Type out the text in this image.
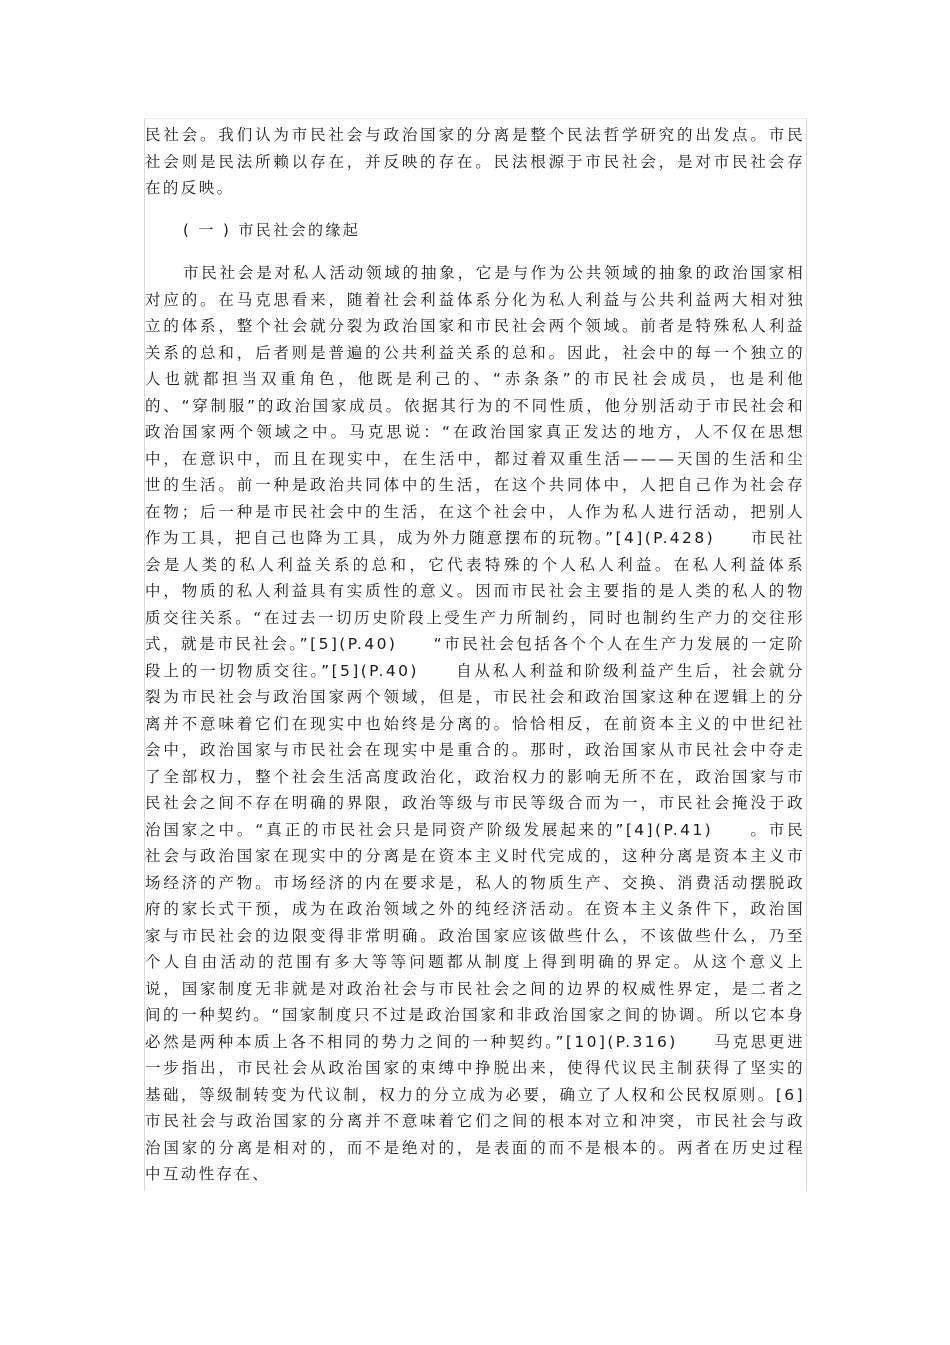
民社会。我们认为市民社会与政治国家的分离是整个民法哲学研究的出发点。市民社会则是民法所赖以存在，并反映的存在。民法根源于市民社会，是对市民社会存在的反映。

( 一 ) 市民社会的缘起

市民社会是对私人活动领域的抽象，它是与作为公共领域的抽象的政治国家相对应的。在马克思看来，随着社会利益体系分化为私人利益与公共利益两大相对独立的体系，整个社会就分裂为政治国家和市民社会两个领域。前者是特殊私人利益关系的总和，后者则是普遍的公共利益关系的总和。因此，社会中的每一个独立的人也就都担当双重角色，他既是利己的、“赤条条”的市民社会成员，也是利他的、“穿制服”的政治国家成员。依据其行为的不同性质，他分别活动于市民社会和政治国家两个领域之中。马克思说：“在政治国家真正发达的地方，人不仅在思想中，在意识中，而且在现实中，在生活中，都过着双重生活———天国的生活和尘世的生活。前一种是政治共同体中的生活，在这个共同体中，人把自己作为社会存在物；后一种是市民社会中的生活，在这个社会中，人作为私人进行活动，把别人作为工具，把自己也降为工具，成为外力随意摆布的玩物。”[4](P.428)　　市民社会是人类的私人利益关系的总和，它代表特殊的个人私人利益。在私人利益体系中，物质的私人利益具有实质性的意义。因而市民社会主要指的是人类的私人的物质交往关系。“在过去一切历史阶段上受生产力所制约，同时也制约生产力的交往形式，就是市民社会。”[5](P.40)　　“市民社会包括各个个人在生产力发展的一定阶段上的一切物质交往。”[5](P.40)　　自从私人利益和阶级利益产生后，社会就分裂为市民社会与政治国家两个领域，但是，市民社会和政治国家这种在逻辑上的分离并不意味着它们在现实中也始终是分离的。恰恰相反，在前资本主义的中世纪社会中，政治国家与市民社会在现实中是重合的。那时，政治国家从市民社会中夺走了全部权力，整个社会生活高度政治化，政治权力的影响无所不在，政治国家与市民社会之间不存在明确的界限，政治等级与市民等级合而为一，市民社会掩没于政治国家之中。“真正的市民社会只是同资产阶级发展起来的”[4](P.41)　　。市民社会与政治国家在现实中的分离是在资本主义时代完成的，这种分离是资本主义市场经济的产物。市场经济的内在要求是，私人的物质生产、交换、消费活动摆脱政府的家长式干预，成为在政治领域之外的纯经济活动。在资本主义条件下，政治国家与市民社会的边限变得非常明确。政治国家应该做些什么，不该做些什么，乃至个人自由活动的范围有多大等等问题都从制度上得到明确的界定。从这个意义上说，国家制度无非就是对政治社会与市民社会之间的边界的权威性界定，是二者之间的一种契约。“国家制度只不过是政治国家和非政治国家之间的协调。所以它本身必然是两种本质上各不相同的势力之间的一种契约。”[10](P.316)　　马克思更进一步指出，市民社会从政治国家的束缚中挣脱出来，使得代议民主制获得了坚实的基础，等级制转变为代议制，权力的分立成为必要，确立了人权和公民权原则。[6]　市民社会与政治国家的分离并不意味着它们之间的根本对立和冲突，市民社会与政治国家的分离是相对的，而不是绝对的，是表面的而不是根本的。两者在历史过程中互动性存在、
